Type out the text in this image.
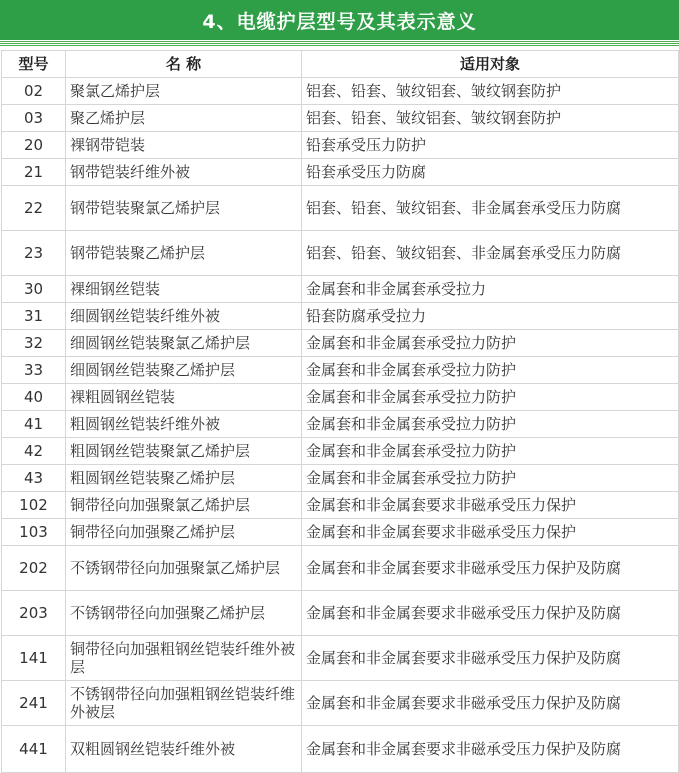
4、电缆护层型号及其表示意义
型号	名 称	适用对象
02	聚氯乙烯护层	铝套、铅套、皱纹铝套、皱纹钢套防护
03	聚乙烯护层	铝套、铅套、皱纹铝套、皱纹钢套防护
20	裸钢带铠装	铅套承受压力防护
21	钢带铠装纤维外被	铅套承受压力防腐
22	钢带铠装聚氯乙烯护层	铝套、铅套、皱纹铝套、非金属套承受压力防腐
23	钢带铠装聚乙烯护层	铝套、铅套、皱纹铝套、非金属套承受压力防腐
30	裸细钢丝铠装	金属套和非金属套承受拉力
31	细圆钢丝铠装纤维外被	铅套防腐承受拉力
32	细圆钢丝铠装聚氯乙烯护层	金属套和非金属套承受拉力防护
33	细圆钢丝铠装聚乙烯护层	金属套和非金属套承受拉力防护
40	裸粗圆钢丝铠装	金属套和非金属套承受拉力防护
41	粗圆钢丝铠装纤维外被	金属套和非金属套承受拉力防护
42	粗圆钢丝铠装聚氯乙烯护层	金属套和非金属套承受拉力防护
43	粗圆钢丝铠装聚乙烯护层	金属套和非金属套承受拉力防护
102	铜带径向加强聚氯乙烯护层	金属套和非金属套要求非磁承受压力保护
103	铜带径向加强聚乙烯护层	金属套和非金属套要求非磁承受压力保护
202	不锈钢带径向加强聚氯乙烯护层	金属套和非金属套要求非磁承受压力保护及防腐
203	不锈钢带径向加强聚乙烯护层	金属套和非金属套要求非磁承受压力保护及防腐
141	铜带径向加强粗钢丝铠装纤维外被层	金属套和非金属套要求非磁承受压力保护及防腐
241	不锈钢带径向加强粗钢丝铠装纤维外被层	金属套和非金属套要求非磁承受压力保护及防腐
441	双粗圆钢丝铠装纤维外被	金属套和非金属套要求非磁承受压力保护及防腐
